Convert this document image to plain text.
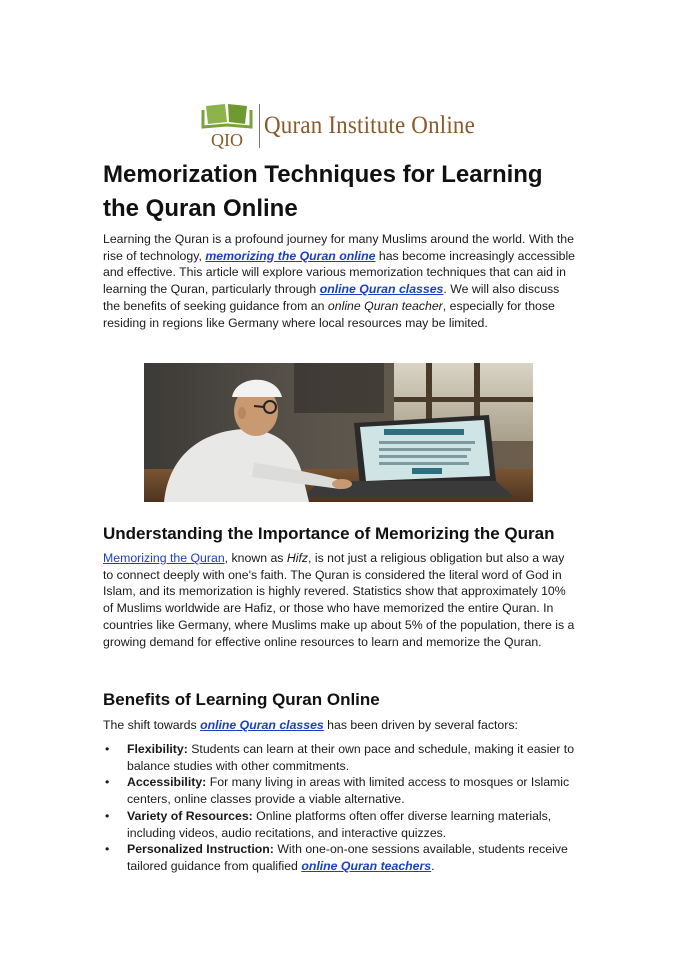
QIO
Quran Institute Online
Memorization Techniques for Learning the Quran Online

Learning the Quran is a profound journey for many Muslims around the world. With the rise of technology, memorizing the Quran online has become increasingly accessible and effective. This article will explore various memorization techniques that can aid in learning the Quran, particularly through online Quran classes. We will also discuss the benefits of seeking guidance from an online Quran teacher, especially for those residing in regions like Germany where local resources may be limited.

Understanding the Importance of Memorizing the Quran

Memorizing the Quran, known as Hifz, is not just a religious obligation but also a way to connect deeply with one's faith. The Quran is considered the literal word of God in Islam, and its memorization is highly revered. Statistics show that approximately 10% of Muslims worldwide are Hafiz, or those who have memorized the entire Quran. In countries like Germany, where Muslims make up about 5% of the population, there is a growing demand for effective online resources to learn and memorize the Quran.

Benefits of Learning Quran Online

The shift towards online Quran classes has been driven by several factors:

• Flexibility: Students can learn at their own pace and schedule, making it easier to balance studies with other commitments.
• Accessibility: For many living in areas with limited access to mosques or Islamic centers, online classes provide a viable alternative.
• Variety of Resources: Online platforms often offer diverse learning materials, including videos, audio recitations, and interactive quizzes.
• Personalized Instruction: With one-on-one sessions available, students receive tailored guidance from qualified online Quran teachers.
